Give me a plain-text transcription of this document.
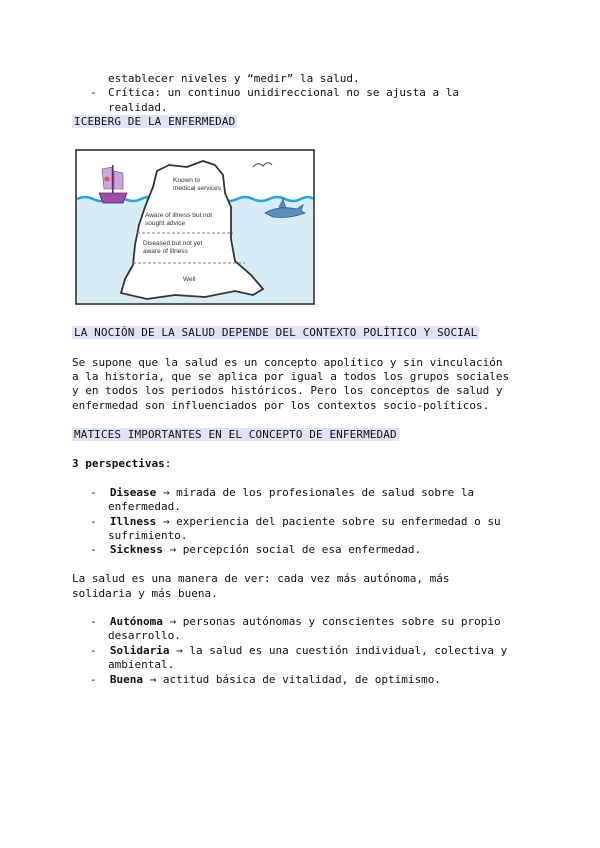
establecer niveles y “medir” la salud.
- Crítica: un continuo unidireccional no se ajusta a la
realidad.
ICEBERG DE LA ENFERMEDAD
Known to
medical services
Aware of illness but not
sought advice
Diseased but not yet
aware of illness
Well
LA NOCIÓN DE LA SALUD DEPENDE DEL CONTEXTO POLÍTICO Y SOCIAL
Se supone que la salud es un concepto apolítico y sin vinculación
a la historia, que se aplica por igual a todos los grupos sociales
y en todos los periodos históricos. Pero los conceptos de salud y
enfermedad son influenciados por los contextos socio-políticos.
MATICES IMPORTANTES EN EL CONCEPTO DE ENFERMEDAD
3 perspectivas:
-  Disease → mirada de los profesionales de salud sobre la
enfermedad.
-  Illness → experiencia del paciente sobre su enfermedad o su
sufrimiento.
-  Sickness → percepción social de esa enfermedad.
La salud es una manera de ver: cada vez más autónoma, más
solidaria y más buena.
-  Autónoma → personas autónomas y conscientes sobre su propio
desarrollo.
-  Solidaria → la salud es una cuestión individual, colectiva y
ambiental.
-  Buena → actitud básica de vitalidad, de optimismo.
